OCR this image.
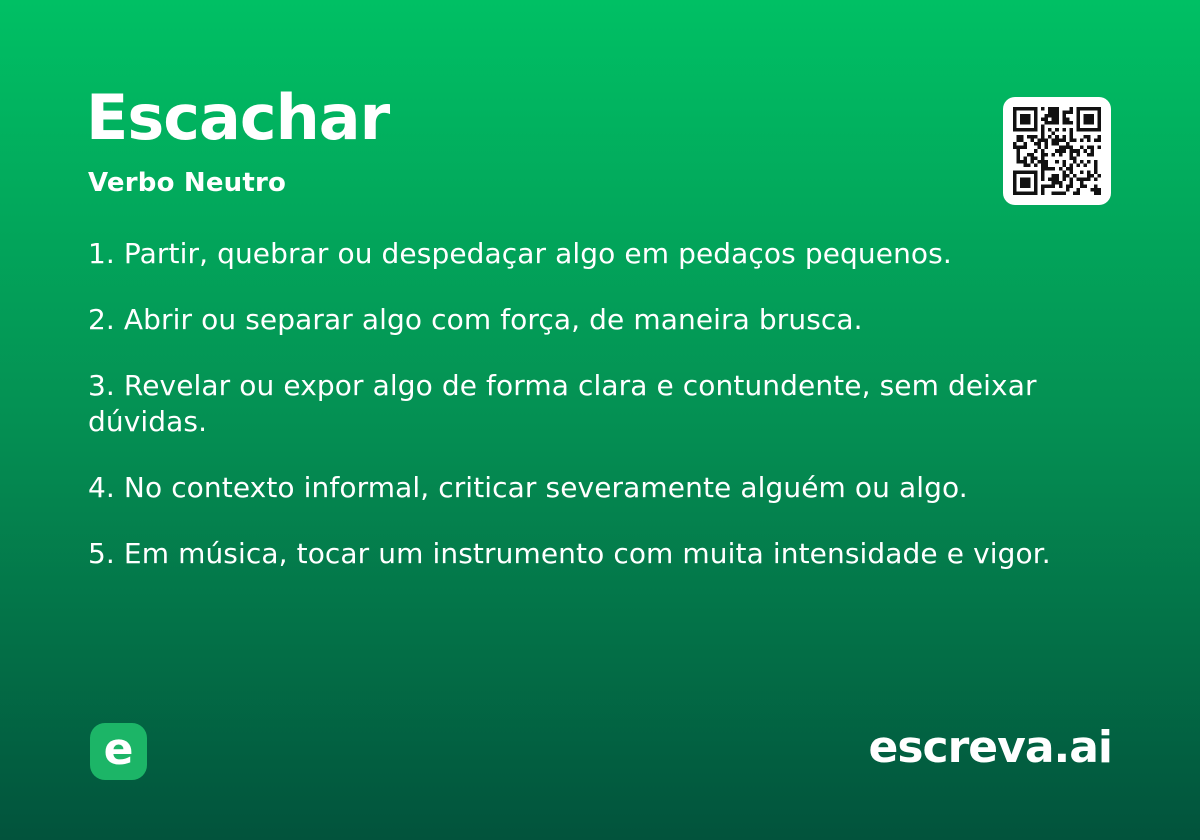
Escachar
Verbo Neutro

1. Partir, quebrar ou despedaçar algo em pedaços pequenos.

2. Abrir ou separar algo com força, de maneira brusca.

3. Revelar ou expor algo de forma clara e contundente, sem deixar dúvidas.

4. No contexto informal, criticar severamente alguém ou algo.

5. Em música, tocar um instrumento com muita intensidade e vigor.

e	escreva.ai
